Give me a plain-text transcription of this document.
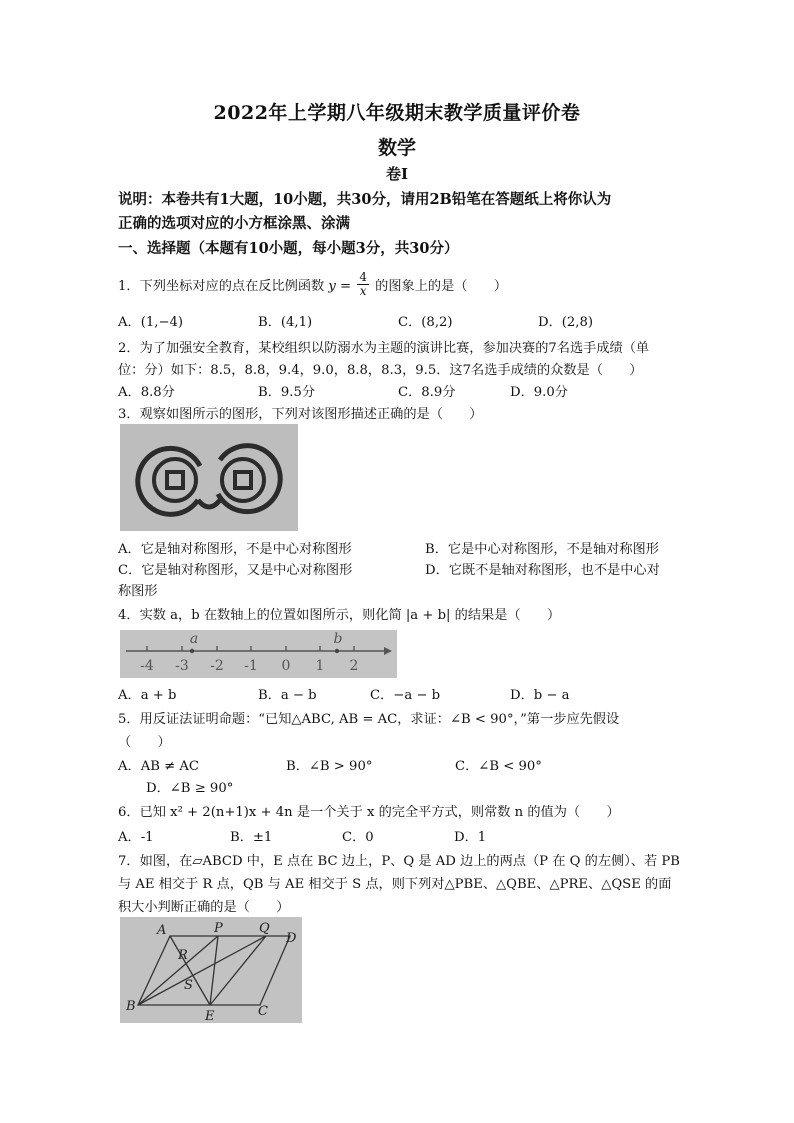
2022年上学期八年级期末教学质量评价卷
数学
卷Ⅰ
说明：本卷共有1大题，10小题，共30分，请用2B铅笔在答题纸上将你认为
正确的选项对应的小方框涂黑、涂满
一、选择题（本题有10小题，每小题3分，共30分）
1．下列坐标对应的点在反比例函数 $y = \frac{4}{x}$ 的图象上的是（　　）
A．(1,−4)	B．(4,1)	C．(8,2)	D．(2,8)
2．为了加强安全教育，某校组织以防溺水为主题的演讲比赛，参加决赛的7名选手成绩（单
位：分）如下：8.5，8.8，9.4，9.0，8.8，8.3，9.5．这7名选手成绩的众数是（　　）
A．8.8分	B．9.5分	C．8.9分	D．9.0分
3．观察如图所示的图形，下列对该图形描述正确的是（　　）
A．它是轴对称图形，不是中心对称图形	B．它是中心对称图形，不是轴对称图形
C．它是轴对称图形，又是中心对称图形	D．它既不是轴对称图形，也不是中心对
称图形
4．实数 a，b 在数轴上的位置如图所示，则化简 |a + b| 的结果是（　　）
-4 -3 -2 -1 0 1 2
a	b
A．a + b	B．a − b	C．−a − b	D．b − a
5．用反证法证明命题：“已知△ABC, AB = AC，求证：∠B < 90°，”第一步应先假设
（　　）
A．AB ≠ AC	B．∠B > 90°	C．∠B < 90°
D．∠B ≥ 90°
6．已知 x² + 2(n+1)x + 4n 是一个关于 x 的完全平方式，则常数 n 的值为（　　）
A．-1	B．±1	C．0	D．1
7．如图，在▱ABCD 中，E 点在 BC 边上，P、Q 是 AD 边上的两点（P 在 Q 的左侧）、若 PB
与 AE 相交于 R 点，QB 与 AE 相交于 S 点，则下列对△PBE、△QBE、△PRE、△QSE 的面
积大小判断正确的是（　　）
A	P	Q
D
R
S
B
E	C
